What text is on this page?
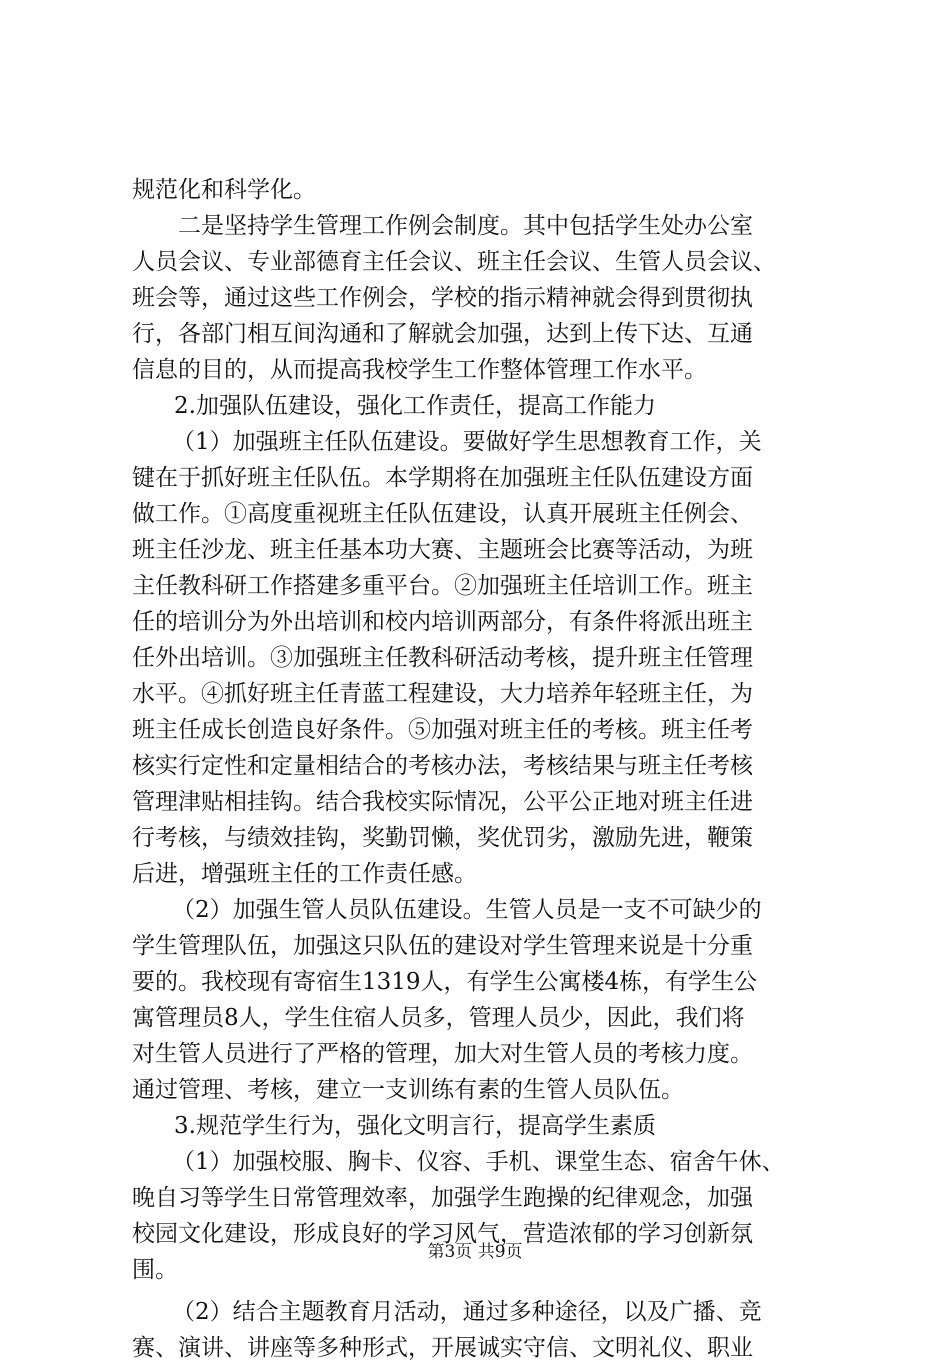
规范化和科学化。
二是坚持学生管理工作例会制度。其中包括学生处办公室
人员会议、专业部德育主任会议、班主任会议、生管人员会议、
班会等，通过这些工作例会，学校的指示精神就会得到贯彻执
行，各部门相互间沟通和了解就会加强，达到上传下达、互通
信息的目的，从而提高我校学生工作整体管理工作水平。
2.加强队伍建设，强化工作责任，提高工作能力
（1）加强班主任队伍建设。要做好学生思想教育工作，关
键在于抓好班主任队伍。本学期将在加强班主任队伍建设方面
做工作。①高度重视班主任队伍建设，认真开展班主任例会、
班主任沙龙、班主任基本功大赛、主题班会比赛等活动，为班
主任教科研工作搭建多重平台。②加强班主任培训工作。班主
任的培训分为外出培训和校内培训两部分，有条件将派出班主
任外出培训。③加强班主任教科研活动考核，提升班主任管理
水平。④抓好班主任青蓝工程建设，大力培养年轻班主任，为
班主任成长创造良好条件。⑤加强对班主任的考核。班主任考
核实行定性和定量相结合的考核办法，考核结果与班主任考核
管理津贴相挂钩。结合我校实际情况，公平公正地对班主任进
行考核，与绩效挂钩，奖勤罚懒，奖优罚劣，激励先进，鞭策
后进，增强班主任的工作责任感。
（2）加强生管人员队伍建设。生管人员是一支不可缺少的
学生管理队伍，加强这只队伍的建设对学生管理来说是十分重
要的。我校现有寄宿生1319人，有学生公寓楼4栋，有学生公
寓管理员8人，学生住宿人员多，管理人员少，因此，我们将
对生管人员进行了严格的管理，加大对生管人员的考核力度。
通过管理、考核，建立一支训练有素的生管人员队伍。
3.规范学生行为，强化文明言行，提高学生素质
（1）加强校服、胸卡、仪容、手机、课堂生态、宿舍午休、
晚自习等学生日常管理效率，加强学生跑操的纪律观念，加强
校园文化建设，形成良好的学习风气，营造浓郁的学习创新氛
围。
（2）结合主题教育月活动，通过多种途径，以及广播、竞
赛、演讲、讲座等多种形式，开展诚实守信、文明礼仪、职业
第3页 共9页
